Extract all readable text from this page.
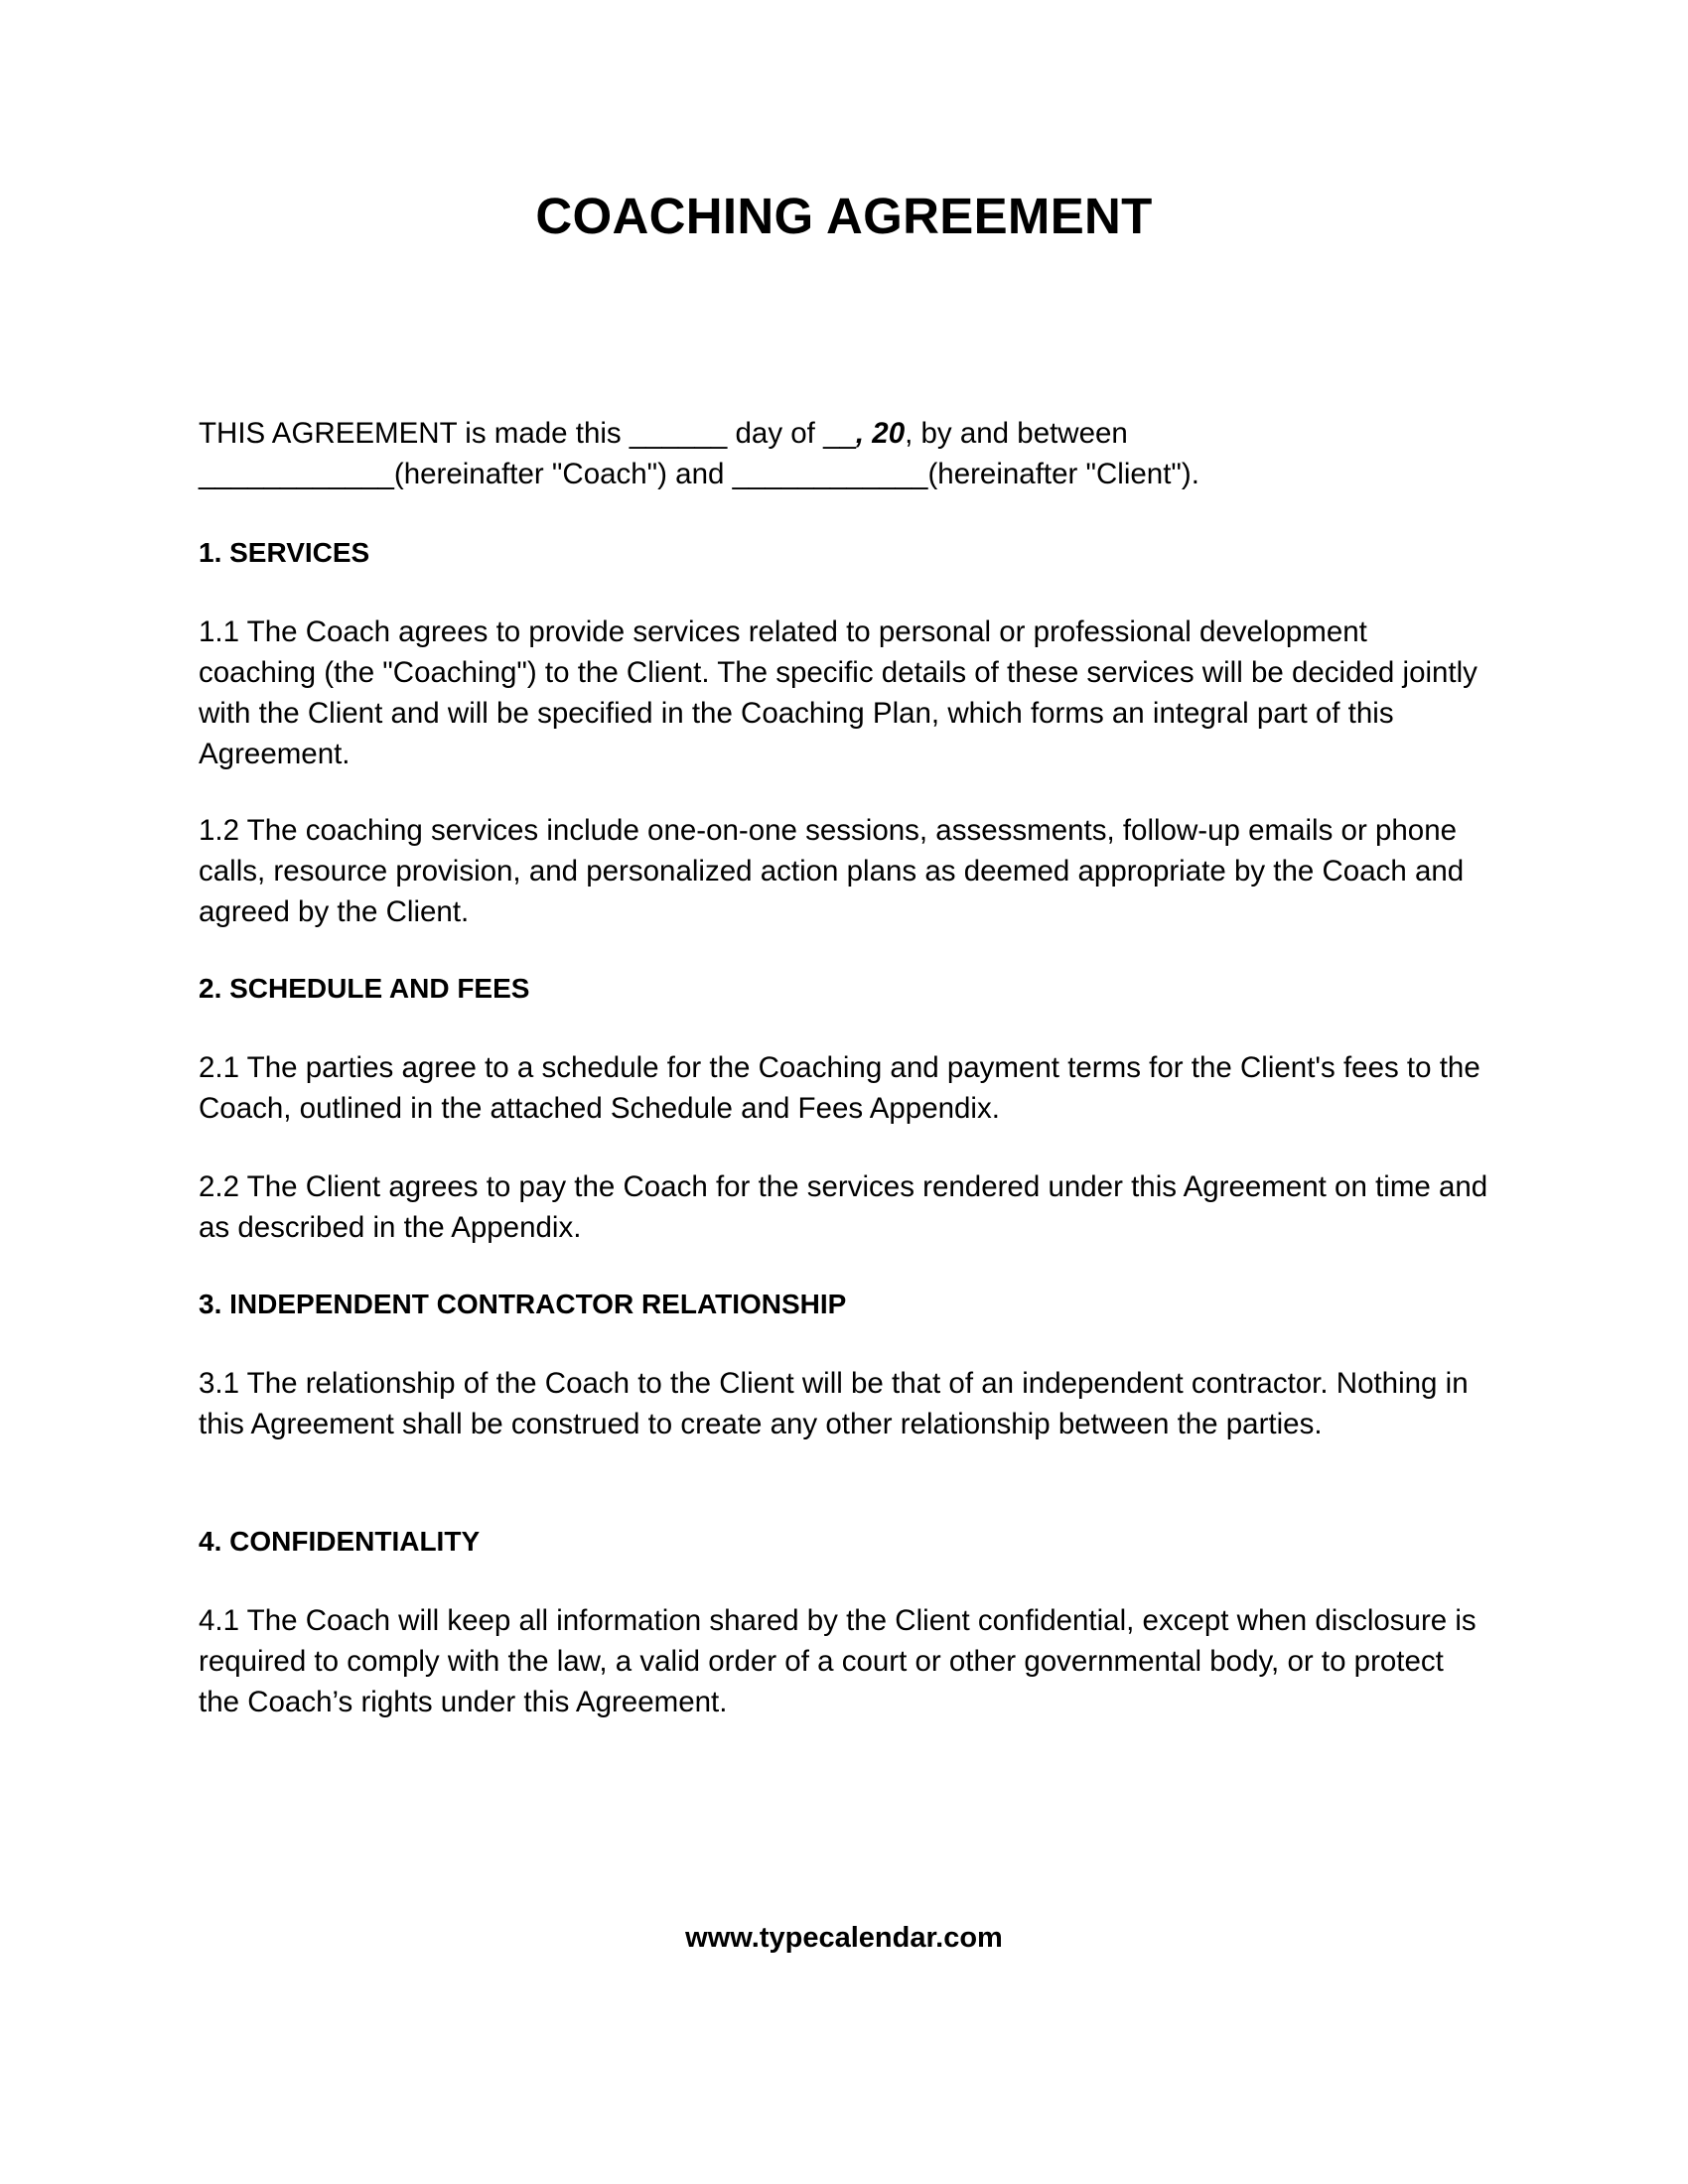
COACHING AGREEMENT

THIS AGREEMENT is made this ______ day of __, 20, by and between

____________(hereinafter "Coach") and ____________(hereinafter "Client").

1. SERVICES
1.1 The Coach agrees to provide services related to personal or professional development coaching (the "Coaching") to the Client. The specific details of these services will be decided jointly with the Client and will be specified in the Coaching Plan, which forms an integral part of this Agreement.
1.2 The coaching services include one-on-one sessions, assessments, follow-up emails or phone calls, resource provision, and personalized action plans as deemed appropriate by the Coach and agreed by the Client.
2. SCHEDULE AND FEES
2.1 The parties agree to a schedule for the Coaching and payment terms for the Client's fees to the Coach, outlined in the attached Schedule and Fees Appendix.
2.2 The Client agrees to pay the Coach for the services rendered under this Agreement on time and as described in the Appendix.
3. INDEPENDENT CONTRACTOR RELATIONSHIP
3.1 The relationship of the Coach to the Client will be that of an independent contractor. Nothing in this Agreement shall be construed to create any other relationship between the parties.
4. CONFIDENTIALITY
4.1 The Coach will keep all information shared by the Client confidential, except when disclosure is required to comply with the law, a valid order of a court or other governmental body, or to protect the Coach’s rights under this Agreement.
www.typecalendar.com
